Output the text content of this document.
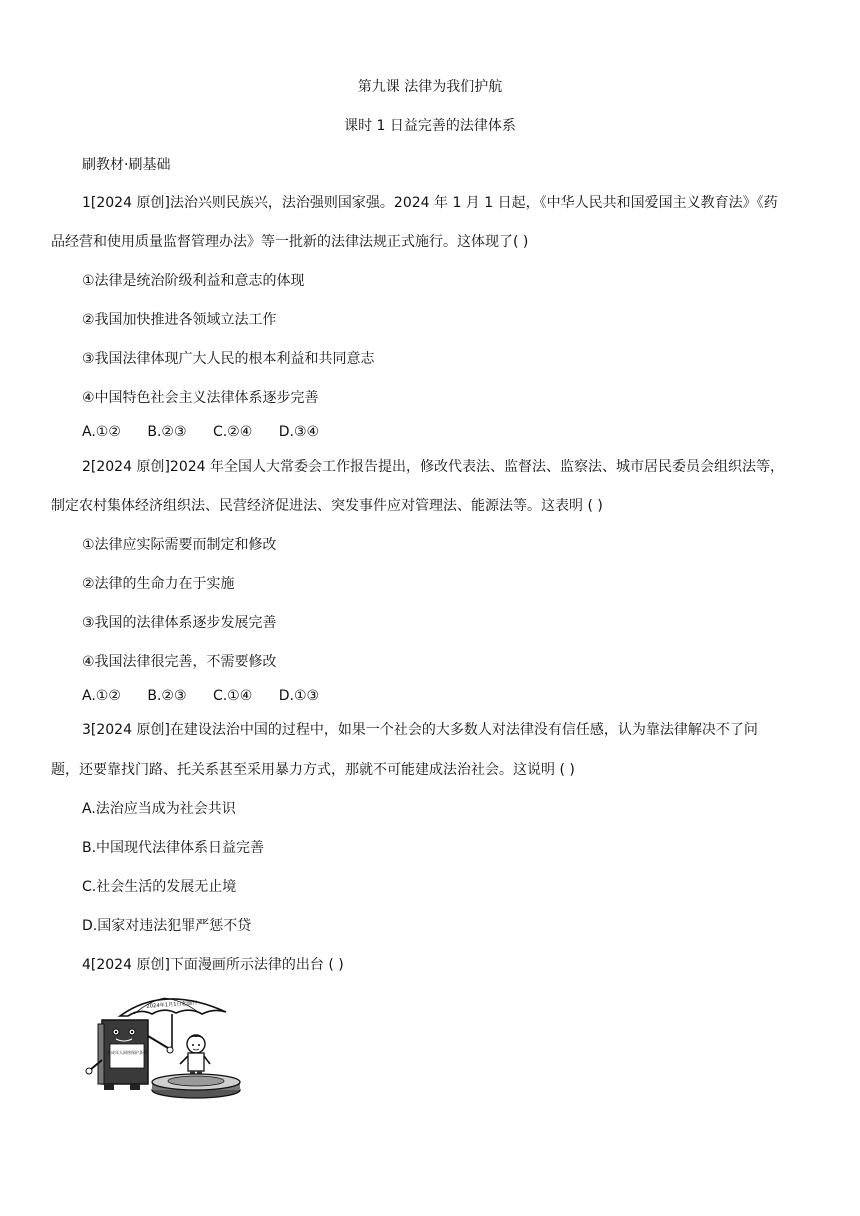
第九课 法律为我们护航
课时 1 日益完善的法律体系
刷教材·刷基础
1[2024 原创]法治兴则民族兴，法治强则国家强。2024 年 1 月 1 日起，《中华人民共和国爱国主义教育法》《药
品经营和使用质量监督管理办法》等一批新的法律法规正式施行。这体现了( )
①法律是统治阶级利益和意志的体现
②我国加快推进各领域立法工作
③我国法律体现广大人民的根本利益和共同意志
④中国特色社会主义法律体系逐步完善
A.①② B.②③ C.②④ D.③④
2[2024 原创]2024 年全国人大常委会工作报告提出，修改代表法、监督法、监察法、城市居民委员会组织法等，
制定农村集体经济组织法、民营经济促进法、突发事件应对管理法、能源法等。这表明 ( )
①法律应实际需要而制定和修改
②法律的生命力在于实施
③我国的法律体系逐步发展完善
④我国法律很完善，不需要修改
A.①② B.②③ C.①④ D.①③
3[2024 原创]在建设法治中国的过程中，如果一个社会的大多数人对法律没有信任感，认为靠法律解决不了问
题，还要靠找门路、托关系甚至采用暴力方式，那就不可能建成法治社会。这说明 ( )
A.法治应当成为社会共识
B.中国现代法律体系日益完善
C.社会生活的发展无止境
D.国家对违法犯罪严惩不贷
4[2024 原创]下面漫画所示法律的出台 ( )
2024年1月1日起施行
未成年人网络保护条例
